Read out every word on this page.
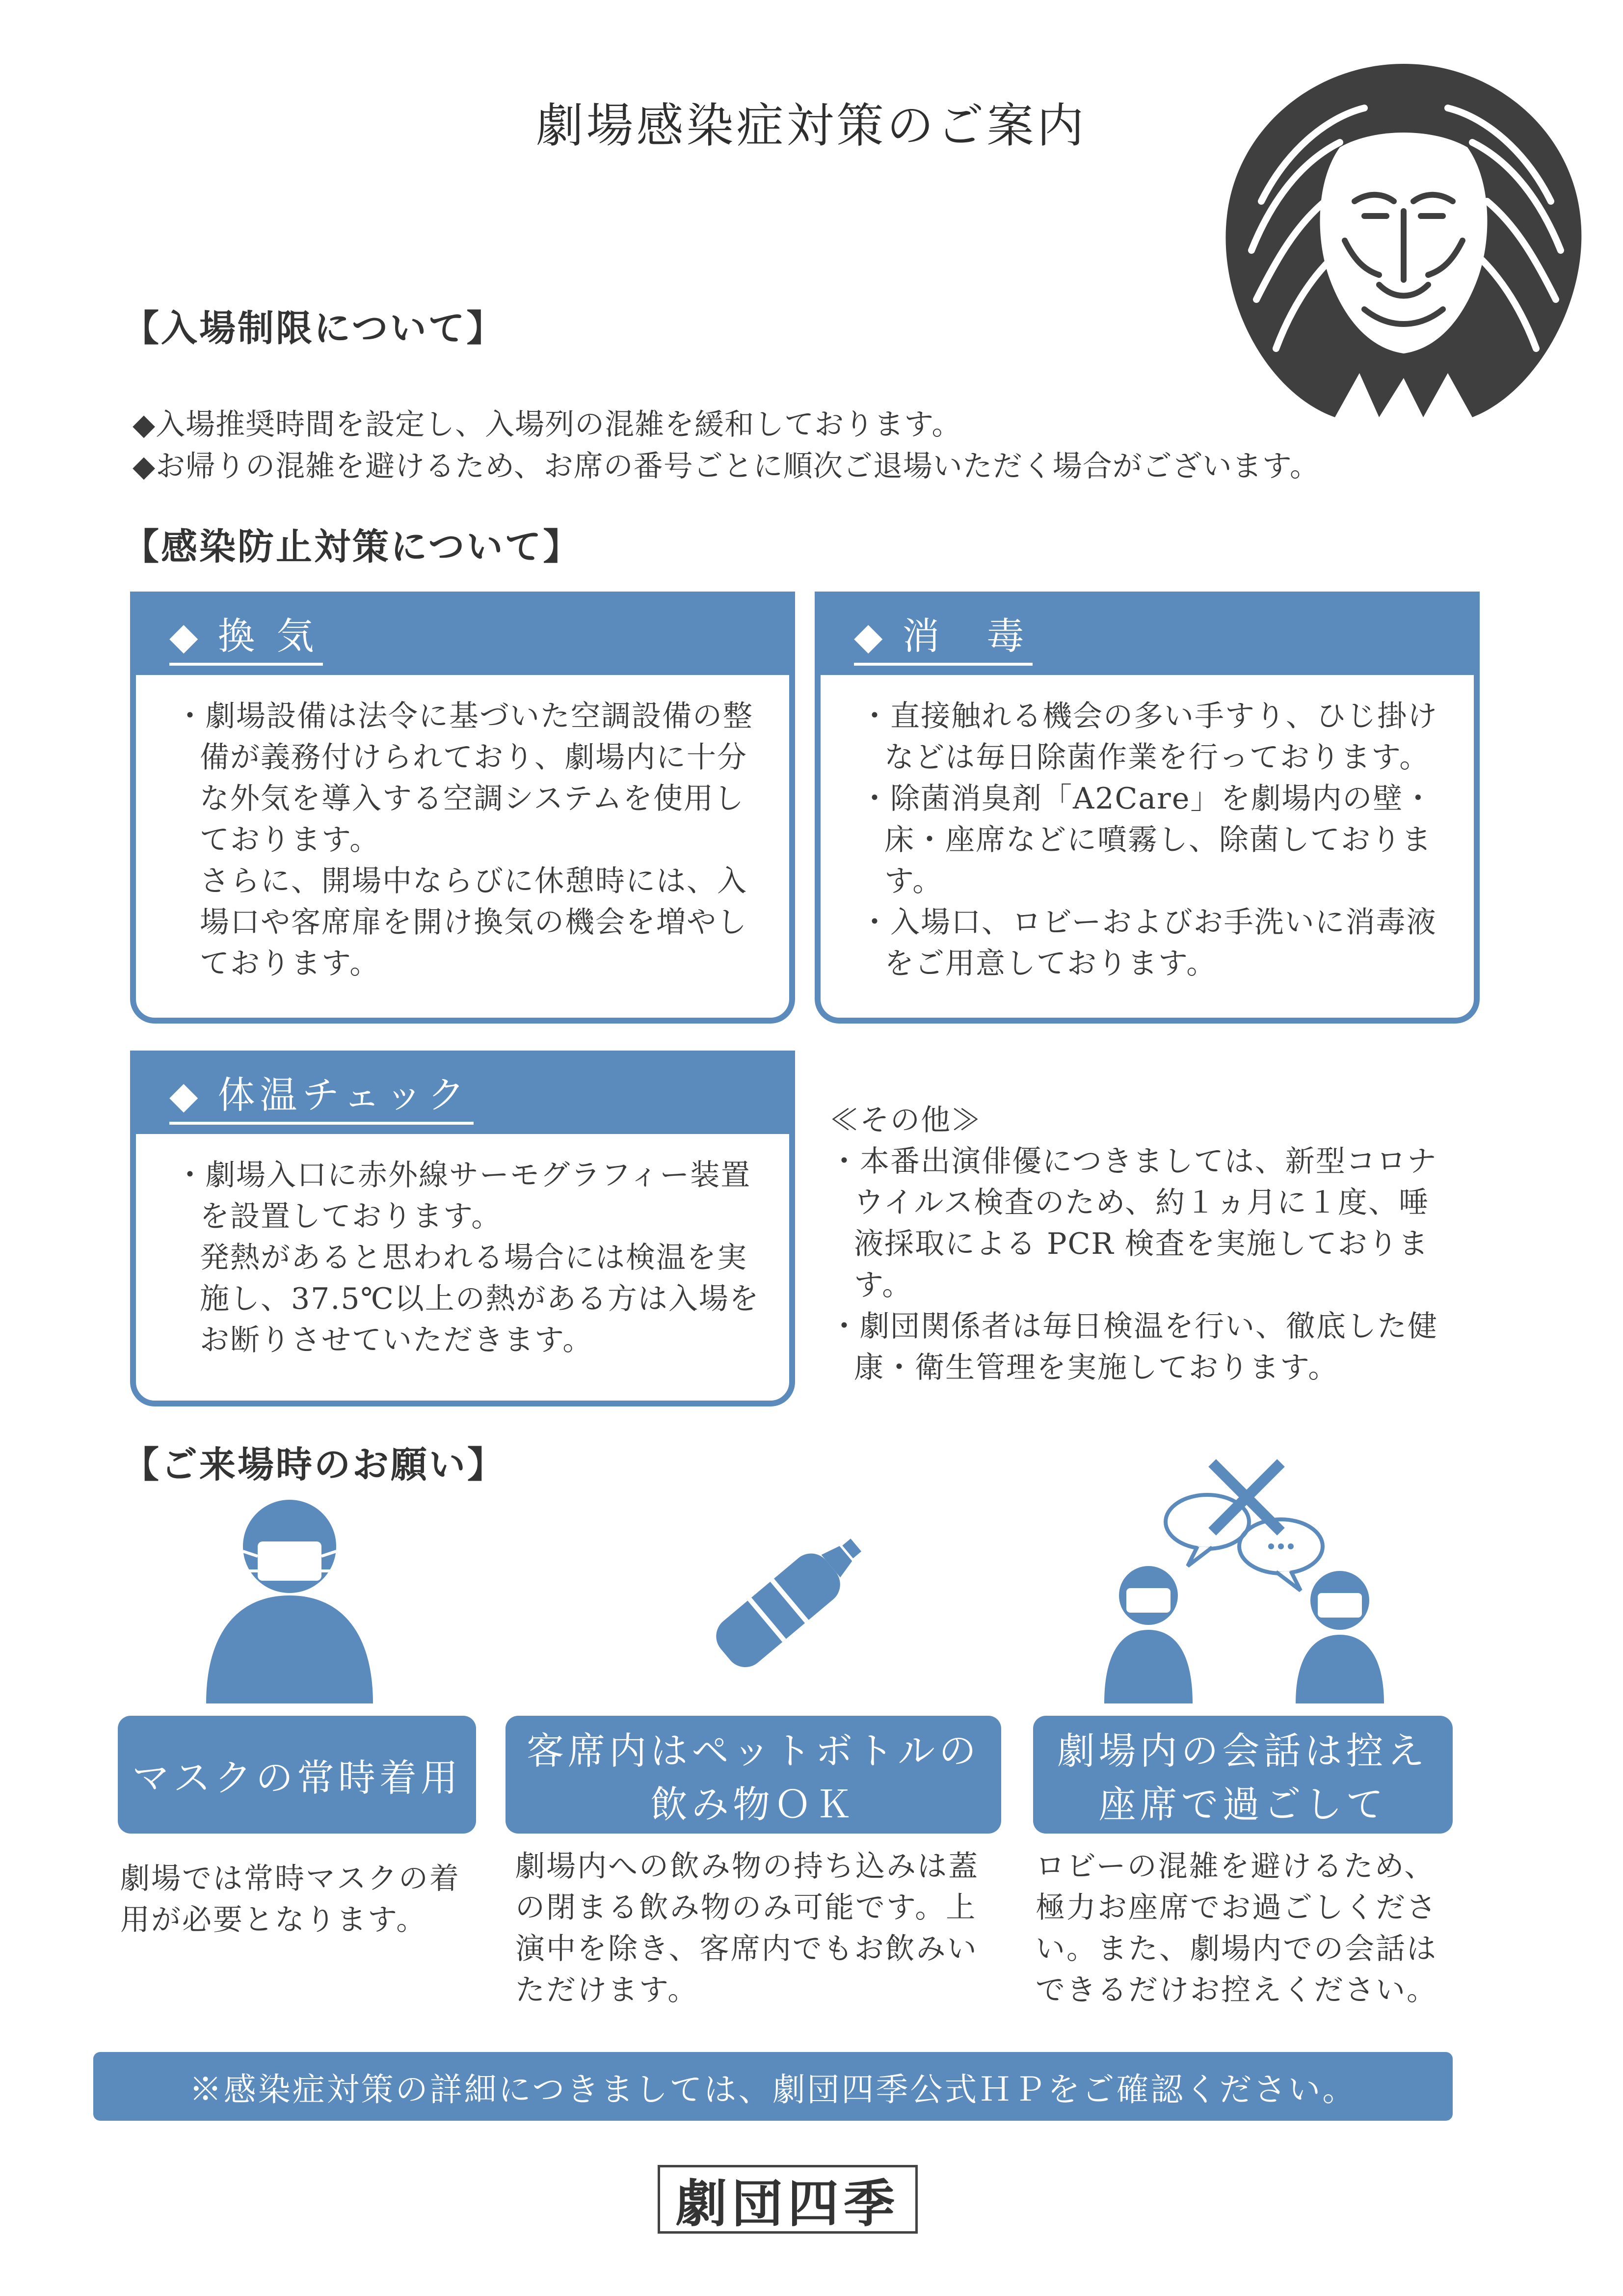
劇場感染症対策のご案内
【入場制限について】
◆入場推奨時間を設定し、入場列の混雑を緩和しております。
◆お帰りの混雑を避けるため、お席の番号ごとに順次ご退場いただく場合がございます。
【感染防止対策について】
◆ 換 気
・劇場設備は法令に基づいた空調設備の整備が義務付けられており、劇場内に十分な外気を導入する空調システムを使用しております。
さらに、開場中ならびに休憩時には、入場口や客席扉を開け換気の機会を増やしております。
◆ 消　毒
・直接触れる機会の多い手すり、ひじ掛けなどは毎日除菌作業を行っております。
・除菌消臭剤「A2Care」を劇場内の壁・床・座席などに噴霧し、除菌しております。
・入場口、ロビーおよびお手洗いに消毒液をご用意しております。
◆ 体温チェック
・劇場入口に赤外線サーモグラフィー装置を設置しております。
発熱があると思われる場合には検温を実施し、37.5℃以上の熱がある方は入場をお断りさせていただきます。
≪その他≫
・本番出演俳優につきましては、新型コロナウイルス検査のため、約１ヵ月に１度、唾液採取による PCR 検査を実施しております。
・劇団関係者は毎日検温を行い、徹底した健康・衛生管理を実施しております。
【ご来場時のお願い】
マスクの常時着用
客席内はペットボトルの
飲み物ＯＫ
劇場内の会話は控え
座席で過ごして
劇場では常時マスクの着用が必要となります。
劇場内への飲み物の持ち込みは蓋の閉まる飲み物のみ可能です。上演中を除き、客席内でもお飲みいただけます。
ロビーの混雑を避けるため、極力お座席でお過ごしください。また、劇場内での会話はできるだけお控えください。
※感染症対策の詳細につきましては、劇団四季公式ＨＰをご確認ください。
劇団四季
